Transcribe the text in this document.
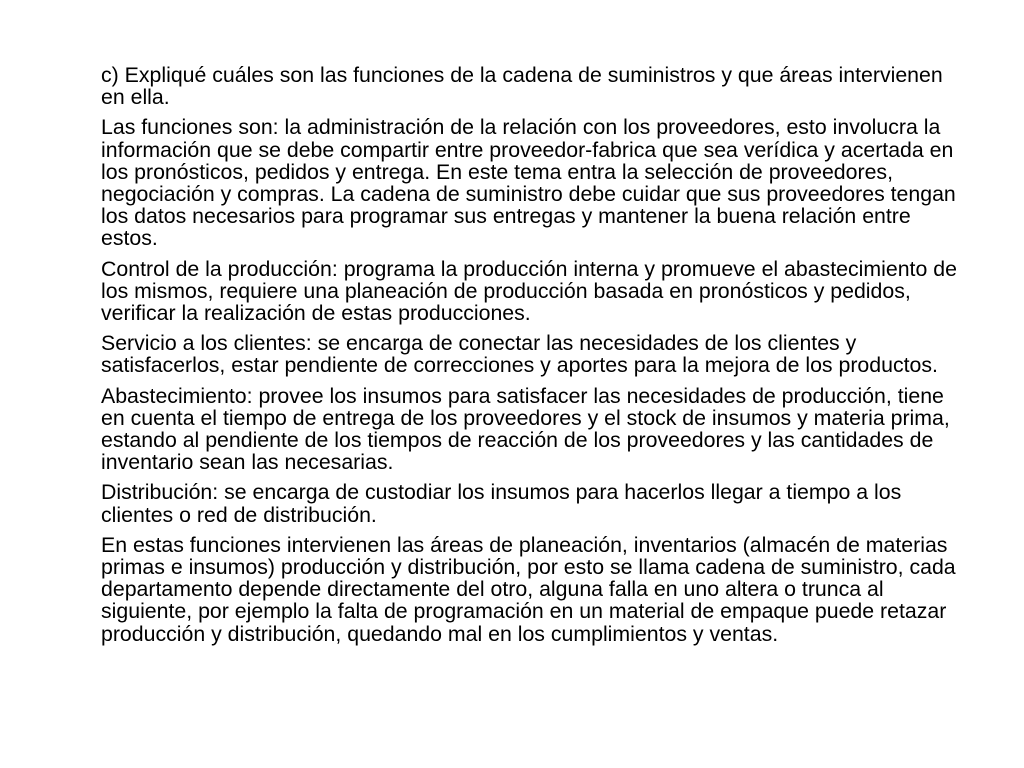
c) Expliqué cuáles son las funciones de la cadena de suministros y que áreas intervienen en ella.

Las funciones son: la administración de la relación con los proveedores, esto involucra la información que se debe compartir entre proveedor-fabrica que sea verídica y acertada en los pronósticos, pedidos y entrega. En este tema entra la selección de proveedores, negociación y compras. La cadena de suministro debe cuidar que sus proveedores tengan los datos necesarios para programar sus entregas y mantener la buena relación entre estos.

Control de la producción: programa la producción interna y promueve el abastecimiento de los mismos, requiere una planeación de producción basada en pronósticos y pedidos, verificar la realización de estas producciones.

Servicio a los clientes: se encarga de conectar las necesidades de los clientes y satisfacerlos, estar pendiente de correcciones y aportes para la mejora de los productos.

Abastecimiento: provee los insumos para satisfacer las necesidades de producción, tiene en cuenta el tiempo de entrega de los proveedores y el stock de insumos y materia prima, estando al pendiente de los tiempos de reacción de los proveedores y las cantidades de inventario sean las necesarias.

Distribución: se encarga de custodiar los insumos para hacerlos llegar a tiempo a los clientes o red de distribución.

En estas funciones intervienen las áreas de planeación, inventarios (almacén de materias primas e insumos) producción y distribución, por esto se llama cadena de suministro, cada departamento depende directamente del otro, alguna falla en uno altera o trunca al siguiente, por ejemplo la falta de programación en un material de empaque puede retazar producción y distribución, quedando mal en los cumplimientos y ventas.
